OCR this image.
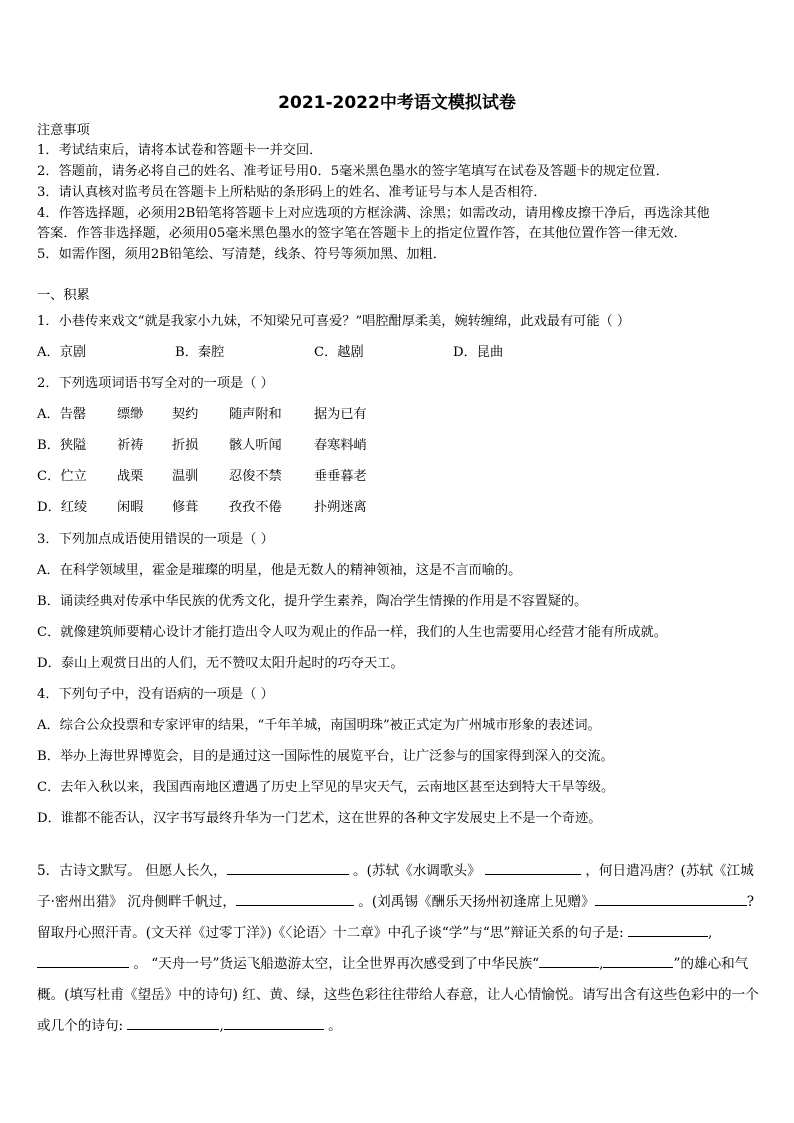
2021-2022中考语文模拟试卷
注意事项
1．考试结束后，请将本试卷和答题卡一并交回．
2．答题前，请务必将自己的姓名、准考证号用0．5毫米黑色墨水的签字笔填写在试卷及答题卡的规定位置．
3．请认真核对监考员在答题卡上所粘贴的条形码上的姓名、准考证号与本人是否相符．
4．作答选择题，必须用2B铅笔将答题卡上对应选项的方框涂满、涂黑；如需改动，请用橡皮擦干净后，再选涂其他
答案．作答非选择题，必须用05毫米黑色墨水的签字笔在答题卡上的指定位置作答，在其他位置作答一律无效．
5．如需作图，须用2B铅笔绘、写清楚，线条、符号等须加黑、加粗．
一、积累
1．小巷传来戏文“就是我家小九妹，不知梁兄可喜爱？”唱腔酣厚柔美，婉转缠绵，此戏最有可能（ ）
A．京剧	B．秦腔	C．越剧	D．昆曲
2．下列选项词语书写全对的一项是（ ）
A．告罄 缥缈 契约 随声附和 据为已有
B．狭隘 祈祷 折损 骸人听闻 春寒料峭
C．伫立 战栗 温驯 忍俊不禁 垂垂暮老
D．红绫 闲暇 修葺 孜孜不倦 扑朔迷离
3．下列加点成语使用错误的一项是（ ）
A．在科学领域里，霍金是璀璨的明星，他是无数人的精神领袖，这是不言而喻的。
B．诵读经典对传承中华民族的优秀文化，提升学生素养，陶冶学生情操的作用是不容置疑的。
C．就像建筑师要精心设计才能打造出令人叹为观止的作品一样，我们的人生也需要用心经营才能有所成就。
D．泰山上观赏日出的人们，无不赞叹太阳升起时的巧夺天工。
4．下列句子中，没有语病的一项是（ ）
A．综合公众投票和专家评审的结果，“千年羊城，南国明珠”被正式定为广州城市形象的表述词。
B．举办上海世界博览会，目的是通过这一国际性的展览平台，让广泛参与的国家得到深入的交流。
C．去年入秋以来，我国西南地区遭遇了历史上罕见的旱灾天气，云南地区甚至达到特大干旱等级。
D．谁都不能否认，汉字书写最终升华为一门艺术，这在世界的各种文字发展史上不是一个奇迹。
5．古诗文默写。 但愿人长久，	。(苏轼《水调歌头》	，何日遣冯唐？(苏轼《江城子·密州出猎》 沉舟侧畔千帆过，	。(刘禹锡《酬乐天扬州初逢席上见赠》	?留取丹心照汗青。(文天祥《过零丁洋》)《〈论语〉十二章》中孔子谈“学”与“思”辩证关系的句子是:	, 。 “天舟一号”货运飞船遨游太空，让全世界再次感受到了中华民族“	,	”的雄心和气概。(填写杜甫《望岳》中的诗句) 红、黄、绿，这些色彩往往带给人春意，让人心情愉悦。请写出含有这些色彩中的一个或几个的诗句:	,	。
